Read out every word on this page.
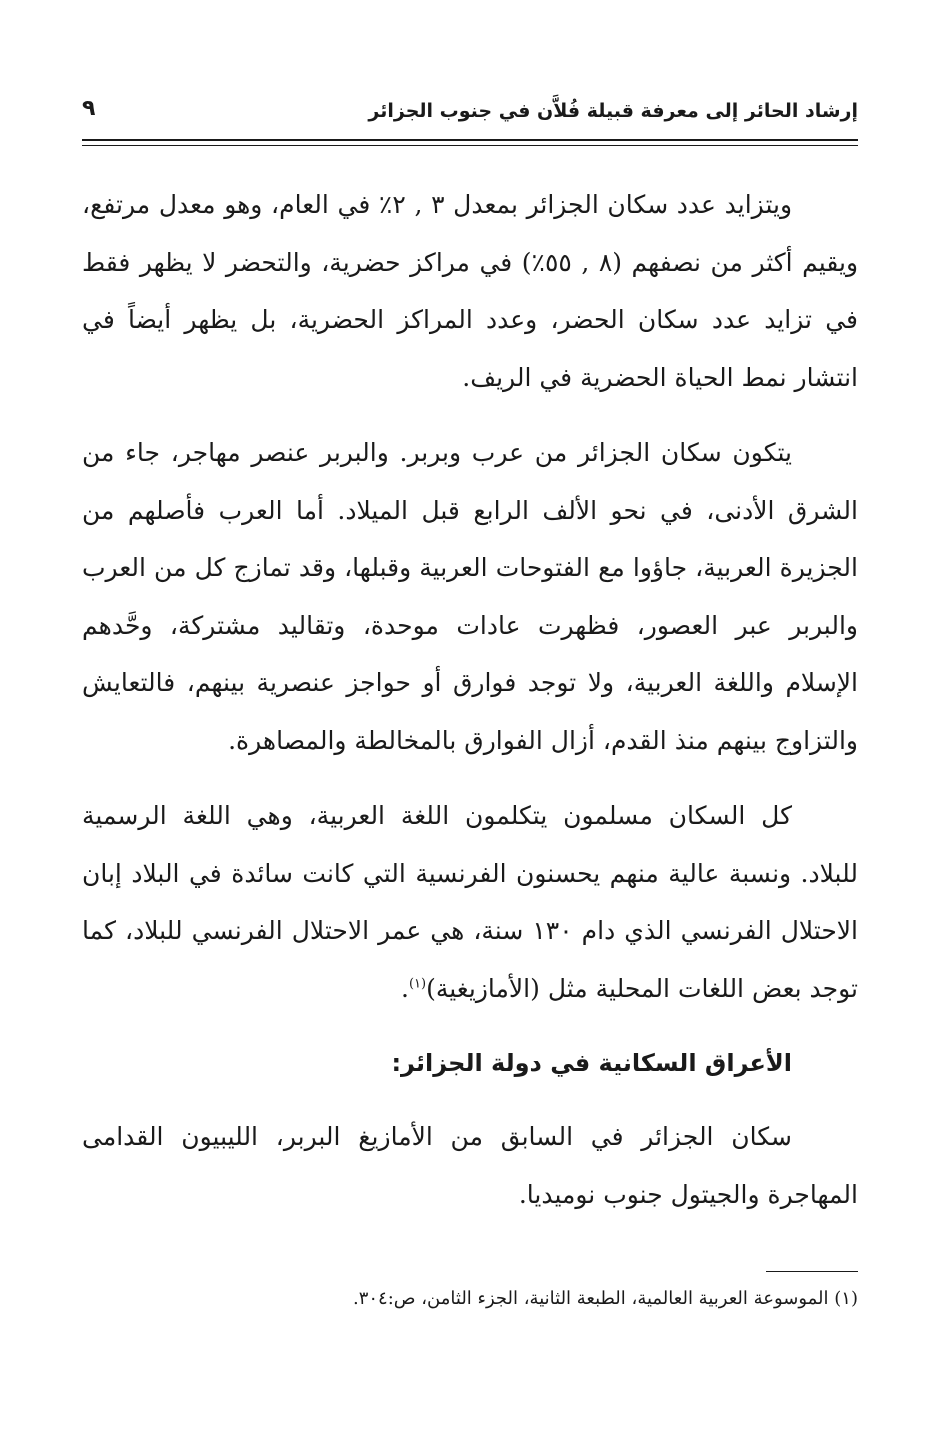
إرشاد الحائر إلى معرفة قبيلة فُلاَّن في جنوب الجزائر
٩

ويتزايد عدد سكان الجزائر بمعدل ٣ , ٢٪ في العام، وهو معدل مرتفع، ويقيم أكثر من نصفهم (٨ , ٥٥٪) في مراكز حضرية، والتحضر لا يظهر فقط في تزايد عدد سكان الحضر، وعدد المراكز الحضرية، بل يظهر أيضاً في انتشار نمط الحياة الحضرية في الريف.

يتكون سكان الجزائر من عرب وبربر. والبربر عنصر مهاجر، جاء من الشرق الأدنى، في نحو الألف الرابع قبل الميلاد. أما العرب فأصلهم من الجزيرة العربية، جاؤوا مع الفتوحات العربية وقبلها، وقد تمازج كل من العرب والبربر عبر العصور، فظهرت عادات موحدة، وتقاليد مشتركة، وحَّدهم الإسلام واللغة العربية، ولا توجد فوارق أو حواجز عنصرية بينهم، فالتعايش والتزاوج بينهم منذ القدم، أزال الفوارق بالمخالطة والمصاهرة.

كل السكان مسلمون يتكلمون اللغة العربية، وهي اللغة الرسمية للبلاد. ونسبة عالية منهم يحسنون الفرنسية التي كانت سائدة في البلاد إبان الاحتلال الفرنسي الذي دام ١٣٠ سنة، هي عمر الاحتلال الفرنسي للبلاد، كما توجد بعض اللغات المحلية مثل (الأمازيغية)$^{(١)}$.

الأعراق السكانية في دولة الجزائر:

سكان الجزائر في السابق من الأمازيغ البربر، الليبيون القدامى المهاجرة والجيتول جنوب نوميديا.

(١) الموسوعة العربية العالمية، الطبعة الثانية، الجزء الثامن، ص:٣٠٤.
